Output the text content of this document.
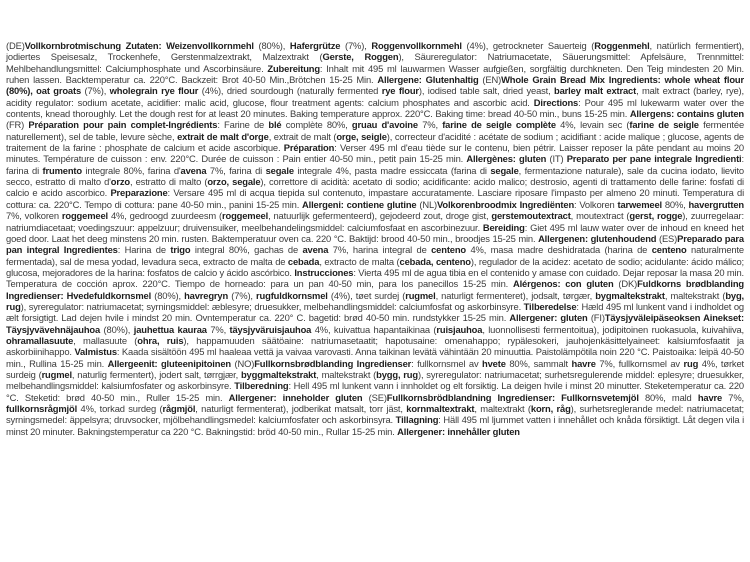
(DE)Vollkornbrotmischung Zutaten: Weizenvollkornmehl (80%), Hafergrütze (7%), Roggenvollkornmehl (4%), getrockneter Sauerteig (Roggenmehl, natürlich fermentiert), jodiertes Speisesalz, Trockenhefe, Gerstenmalzextrakt, Malzextrakt (Gerste, Roggen), Säureregulator: Natriumacetate, Säuerungsmittel: Apfelsäure, Trennmittel: Mehlbehandlungsmittel: Calciumphosphate und Ascorbinsäure. Zubereitung: Inhalt mit 495 ml lauwarmen Wasser aufgießen, sorgfältig durchkneten. Den Teig mindesten 20 Min. ruhen lassen. Backtemperatur ca. 220°C. Backzeit: Brot 40-50 Min.,Brötchen 15-25 Min. Allergene: Glutenhaltig (EN)Whole Grain Bread Mix Ingredients: whole wheat flour (80%), oat groats (7%), wholegrain rye flour (4%), dried sourdough (naturally fermented rye flour), iodised table salt, dried yeast, barley malt extract, malt extract (barley, rye), acidity regulator: sodium acetate, acidifier: malic acid, glucose, flour treatment agents: calcium phosphates and ascorbic acid. Directions: Pour 495 ml lukewarm water over the contents, knead thoroughly. Let the dough rest for at least 20 minutes. Baking temperature approx. 220°C. Baking time: bread 40-50 min., buns 15-25 min. Allergens: contains gluten (FR) Préparation pour pain complet-Ingrédients: Farine de blé complète 80%, gruau d'avoine 7%, farine de seigle complète 4%, levain sec (farine de seigle fermentée naturellement), sel de table, levure sèche, extrait de malt d'orge, extrait de malt (orge, seigle), correcteur d'acidité : acétate de sodium ; acidifiant : acide malique ; glucose, agents de traitement de la farine : phosphate de calcium et acide ascorbique. Préparation: Verser 495 ml d'eau tiède sur le contenu, bien pétrir. Laisser reposer la pâte pendant au moins 20 minutes. Température de cuisson : env. 220°C. Durée de cuisson : Pain entier 40-50 min., petit pain 15-25 min. Allergènes: gluten (IT) Preparato per pane integrale Ingredienti: farina di frumento integrale 80%, farina d'avena 7%, farina di segale integrale 4%, pasta madre essiccata (farina di segale, fermentazione naturale), sale da cucina iodato, lievito secco, estratto di malto d'orzo, estratto di malto (orzo, segale), correttore di acidità: acetato di sodio; acidificante: acido malico; destrosio, agenti di trattamento delle farine: fosfati di calcio e acido ascorbico. Preparazione: Versare 495 ml di acqua tiepida sul contenuto, impastare accuratamente. Lasciare riposare l'impasto per almeno 20 minuti. Temperatura di cottura: ca. 220°C. Tempo di cottura: pane 40-50 min., panini 15-25 min. Allergeni: contiene glutine (NL)Volkorenbroodmix Ingrediënten: Volkoren tarwemeel 80%, havergrutten 7%, volkoren roggemeel 4%, gedroogd zuurdeesm (roggemeel, natuurlijk gefermenteerd), gejodeerd zout, droge gist, gerstemoutextract, moutextract (gerst, rogge), zuurregelaar: natriumdiacetaat; voedingszuur: appelzuur; druivensuiker, meelbehandelingsmiddel: calciumfosfaat en ascorbinezuur. Bereiding: Giet 495 ml lauw water over de inhoud en kneed het goed door. Laat het deeg minstens 20 min. rusten. Baktemperatuur oven ca. 220 °C. Baktijd: brood 40-50 min., broodjes 15-25 min. Allergenen: glutenhoudend (ES)Preparado para pan integral Ingredientes: Harina de trigo integral 80%, gachas de avena 7%, harina integral de centeno 4%, masa madre deshidratada (harina de centeno naturalmente fermentada), sal de mesa yodad, levadura seca, extracto de malta de cebada, extracto de malta (cebada, centeno), regulador de la acidez: acetato de sodio; acidulante: ácido málico; glucosa, mejoradores de la harina: fosfatos de calcio y ácido ascórbico. Instrucciones: Vierta 495 ml de agua tibia en el contenido y amase con cuidado. Dejar reposar la masa 20 min. Temperatura de cocción aprox. 220°C. Tiempo de horneado: para un pan 40-50 min, para los panecillos 15-25 min. Alérgenos: con gluten (DK)Fuldkorns brødblanding Ingredienser: Hvedefuldkornsmel (80%), havregryn (7%), rugfuldkornsmel (4%), tøet surdej (rugmel, naturligt fermenteret), jodsalt, tørgær, bygmaltekstrakt, maltekstrakt (byg, rug), syreregulator: natriumacetat; syrningsmiddel: æblesyre; druesukker, melbehandlingsmiddel: calciumfosfat og askorbinsyre. Tilberedelse: Hæld 495 ml lunkent vand i indholdet og ælt forsigtigt. Lad dejen hvile i mindst 20 min. Ovntemperatur ca. 220° C. bagetid: brød 40-50 min. rundstykker 15-25 min. Allergener: gluten (FI)Täysjyväleipäseoksen Ainekset: Täysjyvävehnäjauhoa (80%), jauhettua kauraa 7%, täysjyväruisjauhoa 4%, kuivattua hapantaikinaa (ruisjauhoa, luonnollisesti fermentoitua), jodipitoinen ruokasuola, kuivahiiva, ohramallasuute, mallasuute (ohra, ruis), happamuuden säätöaine: natriumasetaatit; hapotusaine: omenahappo; rypälesokeri, jauhojenkäsittelyaineet: kalsiumfosfaatit ja askorbiinihappo. Valmistus: Kaada sisältöön 495 ml haaleaa vettä ja vaivaa varovasti. Anna taikinan levätä vähintään 20 minuuttia. Paistolämpötila noin 220 °C. Paistoaika: leipä 40-50 min., Rullina 15-25 min. Allergeenit: gluteenipitoinen (NO)Fullkornsbrødblanding Ingredienser: fullkornsmel av hvete 80%, sammalt havre 7%, fullkornsmel av rug 4%, tørket surdeig (rugmel, naturlig fermentert), jodert salt, tørrgjær, byggmaltekstrakt, maltekstrakt (bygg, rug), syreregulator: natriumacetat; surhetsregulerende middel: eplesyre; druesukker, melbehandlingsmiddel: kalsiumfosfater og askorbinsyre. Tilberedning: Hell 495 ml lunkent vann i innholdet og elt forsiktig. La deigen hvile i minst 20 minutter. Steketemperatur ca. 220 °C. Steketid: brød 40-50 min., Ruller 15-25 min. Allergener: inneholder gluten (SE)Fullkornsbrödblandning Ingredienser: Fullkornsvetemjöl 80%, mald havre 7%, fullkornsrågmjöl 4%, torkad surdeg (rågmjöl, naturligt fermenterat), jodberikat matsalt, torr jäst, kornmaltextrakt, maltextrakt (korn, råg), surhetsreglerande medel: natriumacetat; syrningsmedel: äppelsyra; druvsocker, mjölbehandlingsmedel: kalciumfosfater och askorbinsyra. Tillagning: Häll 495 ml ljummet vatten i innehållet och knåda försiktigt. Låt degen vila i minst 20 minuter. Bakningstemperatur ca 220 °C. Bakningstid: bröd 40-50 min., Rullar 15-25 min. Allergener: innehåller gluten
